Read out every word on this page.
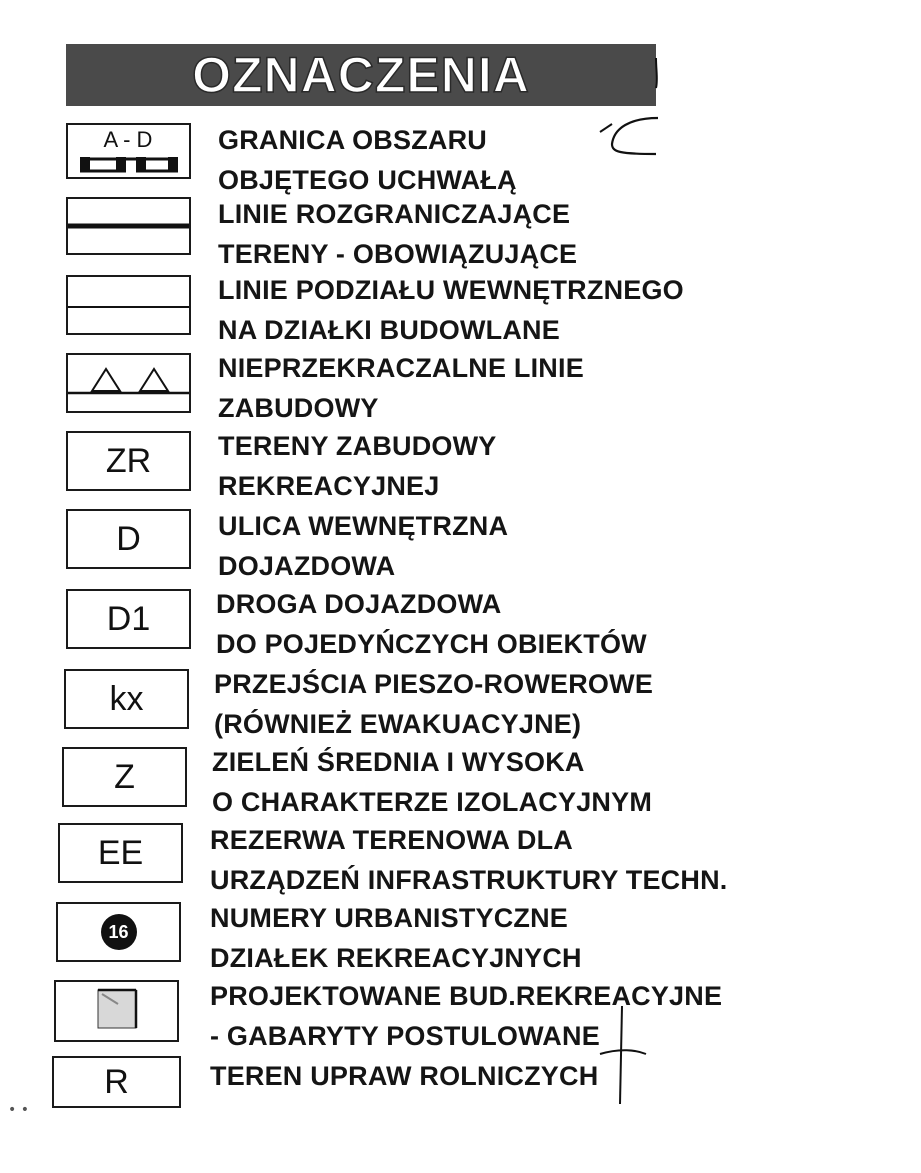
OZNACZENIA
A - D GRANICA OBSZARU
OBJĘTEGO UCHWAŁĄ
LINIE ROZGRANICZAJĄCE
TERENY - OBOWIĄZUJĄCE
LINIE PODZIAŁU WEWNĘTRZNEGO
NA DZIAŁKI BUDOWLANE
NIEPRZEKRACZALNE LINIE
ZABUDOWY
ZR TERENY ZABUDOWY
REKREACYJNEJ
D	ULICA WEWNĘTRZNA
DOJAZDOWA
D1 DROGA DOJAZDOWA
DO POJEDYŃCZYCH OBIEKTÓW
kx	PRZEJŚCIA PIESZO-ROWEROWE
(RÓWNIEŻ EWAKUACYJNE)
Z	ZIELEŃ ŚREDNIA I WYSOKA
O CHARAKTERZE IZOLACYJNYM
EE REZERWA TERENOWA DLA
URZĄDZEŃ INFRASTRUKTURY TECHN.
16	NUMERY URBANISTYCZNE
DZIAŁEK REKREACYJNYCH
PROJEKTOWANE BUD.REKREACYJNE
- GABARYTY POSTULOWANE
R	TEREN UPRAW ROLNICZYCH
• •
